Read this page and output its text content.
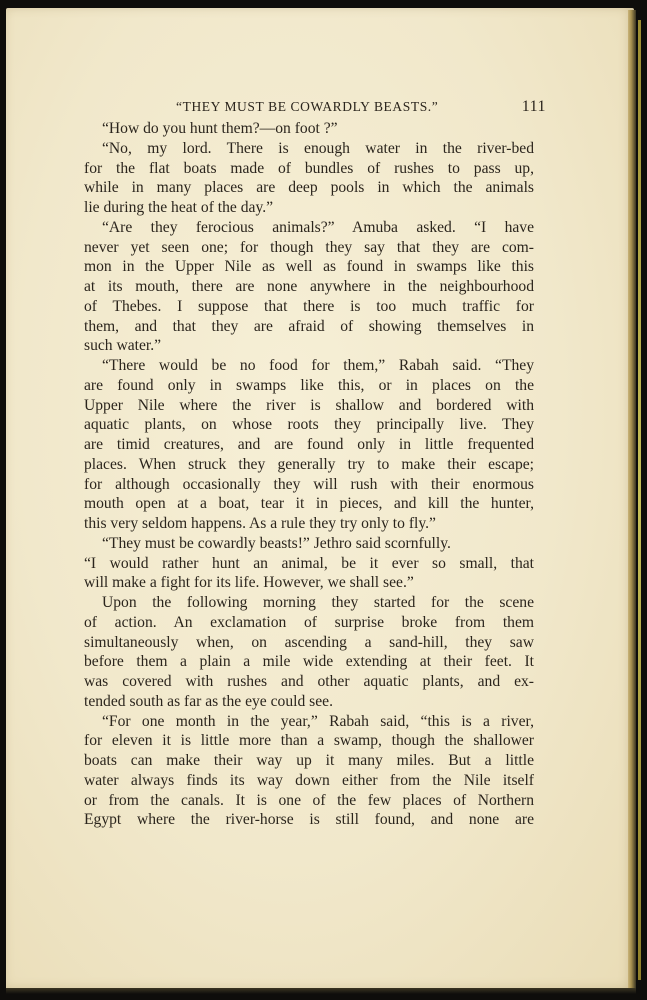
“THEY MUST BE COWARDLY BEASTS.”	111
“How do you hunt them?—on foot ?”
“No, my lord. There is enough water in the river-bed
for the flat boats made of bundles of rushes to pass up,
while in many places are deep pools in which the animals
lie during the heat of the day.”
“Are they ferocious animals?” Amuba asked. “I have
never yet seen one; for though they say that they are com-
mon in the Upper Nile as well as found in swamps like this
at its mouth, there are none anywhere in the neighbourhood
of Thebes. I suppose that there is too much traffic for
them, and that they are afraid of showing themselves in
such water.”
“There would be no food for them,” Rabah said. “They
are found only in swamps like this, or in places on the
Upper Nile where the river is shallow and bordered with
aquatic plants, on whose roots they principally live. They
are timid creatures, and are found only in little frequented
places. When struck they generally try to make their escape;
for although occasionally they will rush with their enormous
mouth open at a boat, tear it in pieces, and kill the hunter,
this very seldom happens. As a rule they try only to fly.”
“They must be cowardly beasts!” Jethro said scornfully.
“I would rather hunt an animal, be it ever so small, that
will make a fight for its life. However, we shall see.”
Upon the following morning they started for the scene
of action. An exclamation of surprise broke from them
simultaneously when, on ascending a sand-hill, they saw
before them a plain a mile wide extending at their feet. It
was covered with rushes and other aquatic plants, and ex-
tended south as far as the eye could see.
“For one month in the year,” Rabah said, “this is a river,
for eleven it is little more than a swamp, though the shallower
boats can make their way up it many miles. But a little
water always finds its way down either from the Nile itself
or from the canals. It is one of the few places of Northern
Egypt where the river-horse is still found, and none are
